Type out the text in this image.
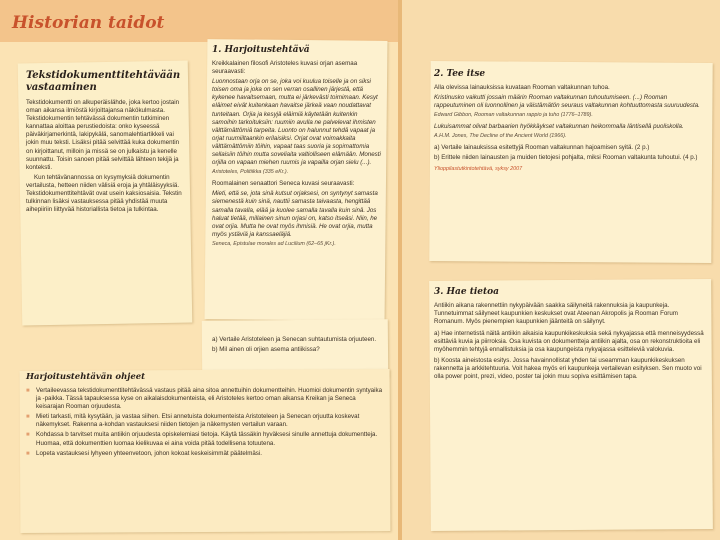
Historian taidot
Tekstidokumenttitehtävään vastaaminen

Tekstidokumentti on alkuperäislähde, joka kertoo jostain oman aikansa ilmiöstä kirjoittajansa näkökulmasta. Tekstidokumentin tehtävässä dokumentin tutkiminen kannattaa aloittaa perustiedoista: onko kyseessä päiväkirjamerkintä, lakipykälä, sanomalehtiartikkeli vai jokin muu teksti. Lisäksi pitää selvittää kuka dokumentin on kirjoittanut, milloin ja missä se on julkaistu ja kenelle suunnattu. Toisin sanoen pitää selvittää lähteen tekijä ja konteksti.

Kun tehtävänannossa on kysymyksiä dokumentin vertailusta, hetteen niiden välisiä eroja ja yhtäläisyyksiä. Tekstidokumenttitehtävät ovat usein kaksiosaisia. Tekstin tulkinnan lisäksi vastauksessa pitää yhdistää muuta aihepiiriin liittyvää historiallista tietoa ja tulkintaa.

1. Harjoitustehtävä

Kreikkalainen filosofi Aristoteles kuvasi orjan asemaa seuraavasti:

Luonnostaan orja on se, joka voi kuulua toiselle ja on siksi toisen oma ja joka on sen verran osallinen järjestä, että kykenee havaitsemaan, mutta ei järkevästi toimimaan. Kesyt eläimet eivät kuitenkaan havaitse järkeä vaan noudattavat tunteitaan. Orjia ja kesyjä eläimiä käytetään kuitenkin samoihin tarkoituksiin: ruumiin avulla ne palvelevat ihmisten välttämättömiä tarpeita. Luonto on halunnut tehdä vapaat ja orjat ruumiiltaankin erilaisiksi. Orjat ovat voimakkaita välttämättömiin töihin, vapaat taas suoria ja sopimattomia sellaisiin töihin mutta soveliaita valtiolliseen elämään. Monesti orjilla on vapaan miehen ruumis ja vapailla orjan sielu (...).

Aristoteles, Politiikka (335 eKr.).

Roomalainen senaattori Seneca kuvasi seuraavasti:

Mieti, että se, jota sinä kutsut orjaksesi, on syntynyt samasta siemenestä kuin sinä, nauttii samasta taivaasta, hengittää samalla tavalla, elää ja kuolee samalla tavalla kuin sinä. Jos haluat tietää, millainen sinun orjasi on, katso itseäsi. Niin, he ovat orjia. Mutta he ovat myös ihmisiä. He ovat orjia, mutta myös ystäviä ja kanssaeläjiä.

Seneca, Epistulae morales ad Lucilium (62–65 jKr.).
a) Vertaile Aristoteleen ja Senecan suhtautumista orjuuteen.
b) Mil ainen oli orjien asema antiikissa?
Harjoitustehtävän ohjeet
■ Vertaileevassa tekstidokumenttitehtävässä vastaus pitää aina sitoa annettuihin dokumentteihin. Huomioi dokumentin syntyaika ja -paikka. Tässä tapauksessa kyse on aikalaisdokumenteista, eli Aristoteles kertoo oman aikansa Kreikan ja Seneca keisarajan Rooman orjuudesta.
■ Mieti tarkasti, mitä kysytään, ja vastaa siihen. Etsi annetuista dokumenteista Aristoteleen ja Senecan orjuutta koskevat näkemykset. Rakenna a-kohdan vastauksesi niiden tietojen ja näkemysten vertailun varaan.
■ Kohdassa b tarvitset muita antiikin orjuudesta opiskelemiasi tietoja. Käytä tässäkin hyväksesi sinulle annettuja dokumentteja. Huomaa, että dokumenttien luomaa kielikuvaa ei aina voida pitää todellisena totuutena.
■ Lopeta vastauksesi lyhyeen yhteenvetoon, johon kokoat keskeisimmät päätelmäsi.
2. Tee itse

Alla olevissa lainauksissa kuvataan Rooman valtakunnan tuhoa.

Kristinusko vaikutti jossain määrin Rooman valtakunnan tuhoutumiseen. (...) Rooman rappeutuminen oli luonnollinen ja väistämätön seuraus valtakunnan kohtuuttomasta suuruudesta.

Edward Gibbon, Rooman valtakunnan rappio ja tuho (1776–1789).

Lukuisammat olivat barbaarien hyökkäykset valtakunnan heikommalla läntisellä puoliskolla.

A.H.M. Jones, The Decline of the Ancient World (1966).
a) Vertaile lainauksissa esitettyjä Rooman valtakunnan hajoamisen syitä. (2 p.)
b) Erittele niiden lainausten ja muiden tietojesi pohjalta, miksi Rooman valtakunta tuhoutui. (4 p.)
Ylioppilastutkintotehtävä, syksy 2007
3. Hae tietoa

Antiikin aikana rakennettiin nykypäivään saakka säilyneitä rakennuksia ja kaupunkeja. Tunnetuimmat säilyneet kaupunkien keskukset ovat Ateenan Akropolis ja Rooman Forum Romanum. Myös pienempien kaupunkien jäänteitä on säilynyt.

a) Hae internetistä näitä antiikin aikaisia kaupunkikeskuksia sekä nykyajassa että menneisyydessä esittäviä kuvia ja piirroksia. Osa kuvista on dokumentteja antiikin ajalta, osa on rekonstruktioita eli myöhemmin tehtyjä ennallistuksia ja osa kaupungeista nykyajassa esitteleviä valokuvia.
b) Koosta aineistosta esitys. Jossa havainnollistat yhden tai useamman kaupunkikeskuksen rakennetta ja arkkitehtuuria. Voit hakea myös eri kaupunkeja vertailevan esityksen. Sen muoto voi olla power point, prezi, video, poster tai jokin muu sopiva esittämisen tapa.
